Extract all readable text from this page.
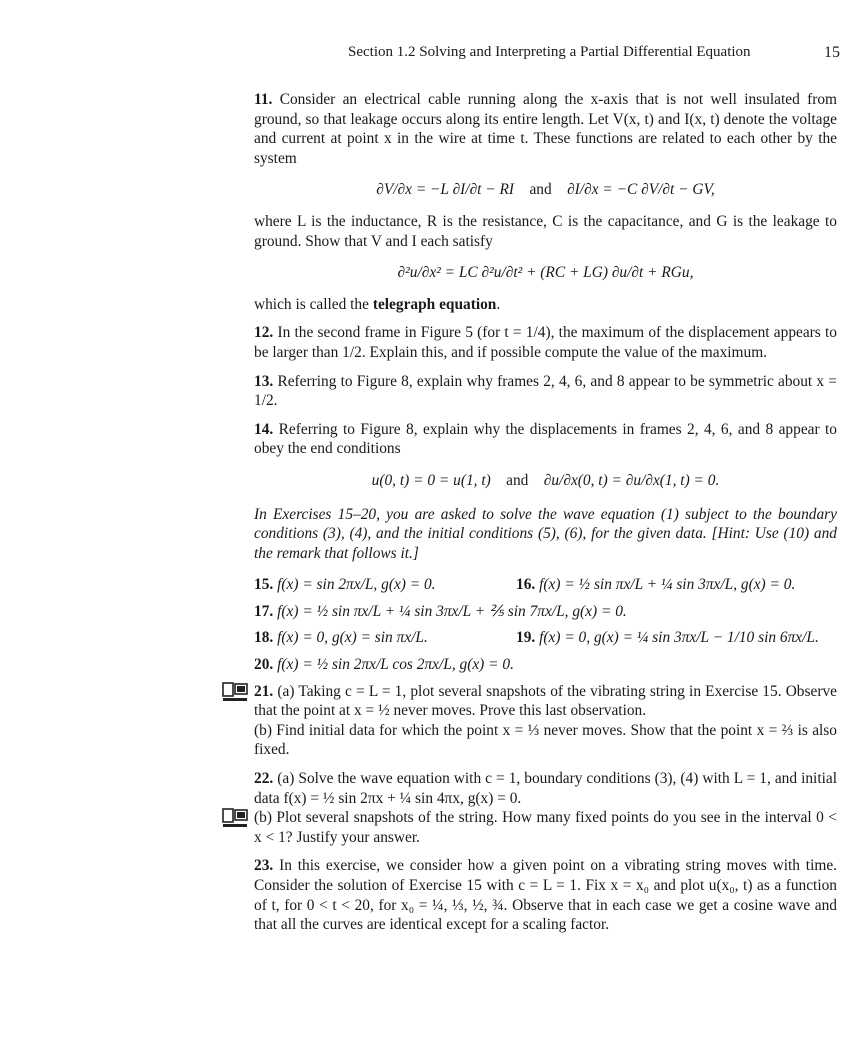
Section 1.2 Solving and Interpreting a Partial Differential Equation	15

11. Consider an electrical cable running along the x-axis that is not well insulated from ground, so that leakage occurs along its entire length. Let V(x, t) and I(x, t) denote the voltage and current at point x in the wire at time t. These functions are related to each other by the system

∂V/∂x = −L ∂I/∂t − RI and ∂I/∂x = −C ∂V/∂t − GV,

where L is the inductance, R is the resistance, C is the capacitance, and G is the leakage to ground. Show that V and I each satisfy

∂²u/∂x² = LC ∂²u/∂t² + (RC + LG) ∂u/∂t + RGu,

which is called the telegraph equation.

12. In the second frame in Figure 5 (for t = 1/4), the maximum of the displacement appears to be larger than 1/2. Explain this, and if possible compute the value of the maximum.

13. Referring to Figure 8, explain why frames 2, 4, 6, and 8 appear to be symmetric about x = 1/2.

14. Referring to Figure 8, explain why the displacements in frames 2, 4, 6, and 8 appear to obey the end conditions

u(0, t) = 0 = u(1, t) and ∂u/∂x(0, t) = ∂u/∂x(1, t) = 0.

In Exercises 15–20, you are asked to solve the wave equation (1) subject to the boundary conditions (3), (4), and the initial conditions (5), (6), for the given data. [Hint: Use (10) and the remark that follows it.]

15. f(x) = sin 2πx/L, g(x) = 0.	16. f(x) = ½ sin πx/L + ¼ sin 3πx/L, g(x) = 0.
17. f(x) = ½ sin πx/L + ¼ sin 3πx/L + ⅖ sin 7πx/L, g(x) = 0.
18. f(x) = 0, g(x) = sin πx/L.	19. f(x) = 0, g(x) = ¼ sin 3πx/L − 1/10 sin 6πx/L.
20. f(x) = ½ sin 2πx/L cos 2πx/L, g(x) = 0.

21. (a) Taking c = L = 1, plot several snapshots of the vibrating string in Exercise 15. Observe that the point at x = ½ never moves. Prove this last observation.

(b) Find initial data for which the point x = ⅓ never moves. Show that the point x = ⅔ is also fixed.

22. (a) Solve the wave equation with c = 1, boundary conditions (3), (4) with L = 1, and initial data f(x) = ½ sin 2πx + ¼ sin 4πx, g(x) = 0.

(b) Plot several snapshots of the string. How many fixed points do you see in the interval 0 < x < 1? Justify your answer.

23. In this exercise, we consider how a given point on a vibrating string moves with time. Consider the solution of Exercise 15 with c = L = 1. Fix x = x₀ and plot u(x₀, t) as a function of t, for 0 < t < 20, for x₀ = ¼, ⅓, ½, ¾. Observe that in each case we get a cosine wave and that all the curves are identical except for a scaling factor.
